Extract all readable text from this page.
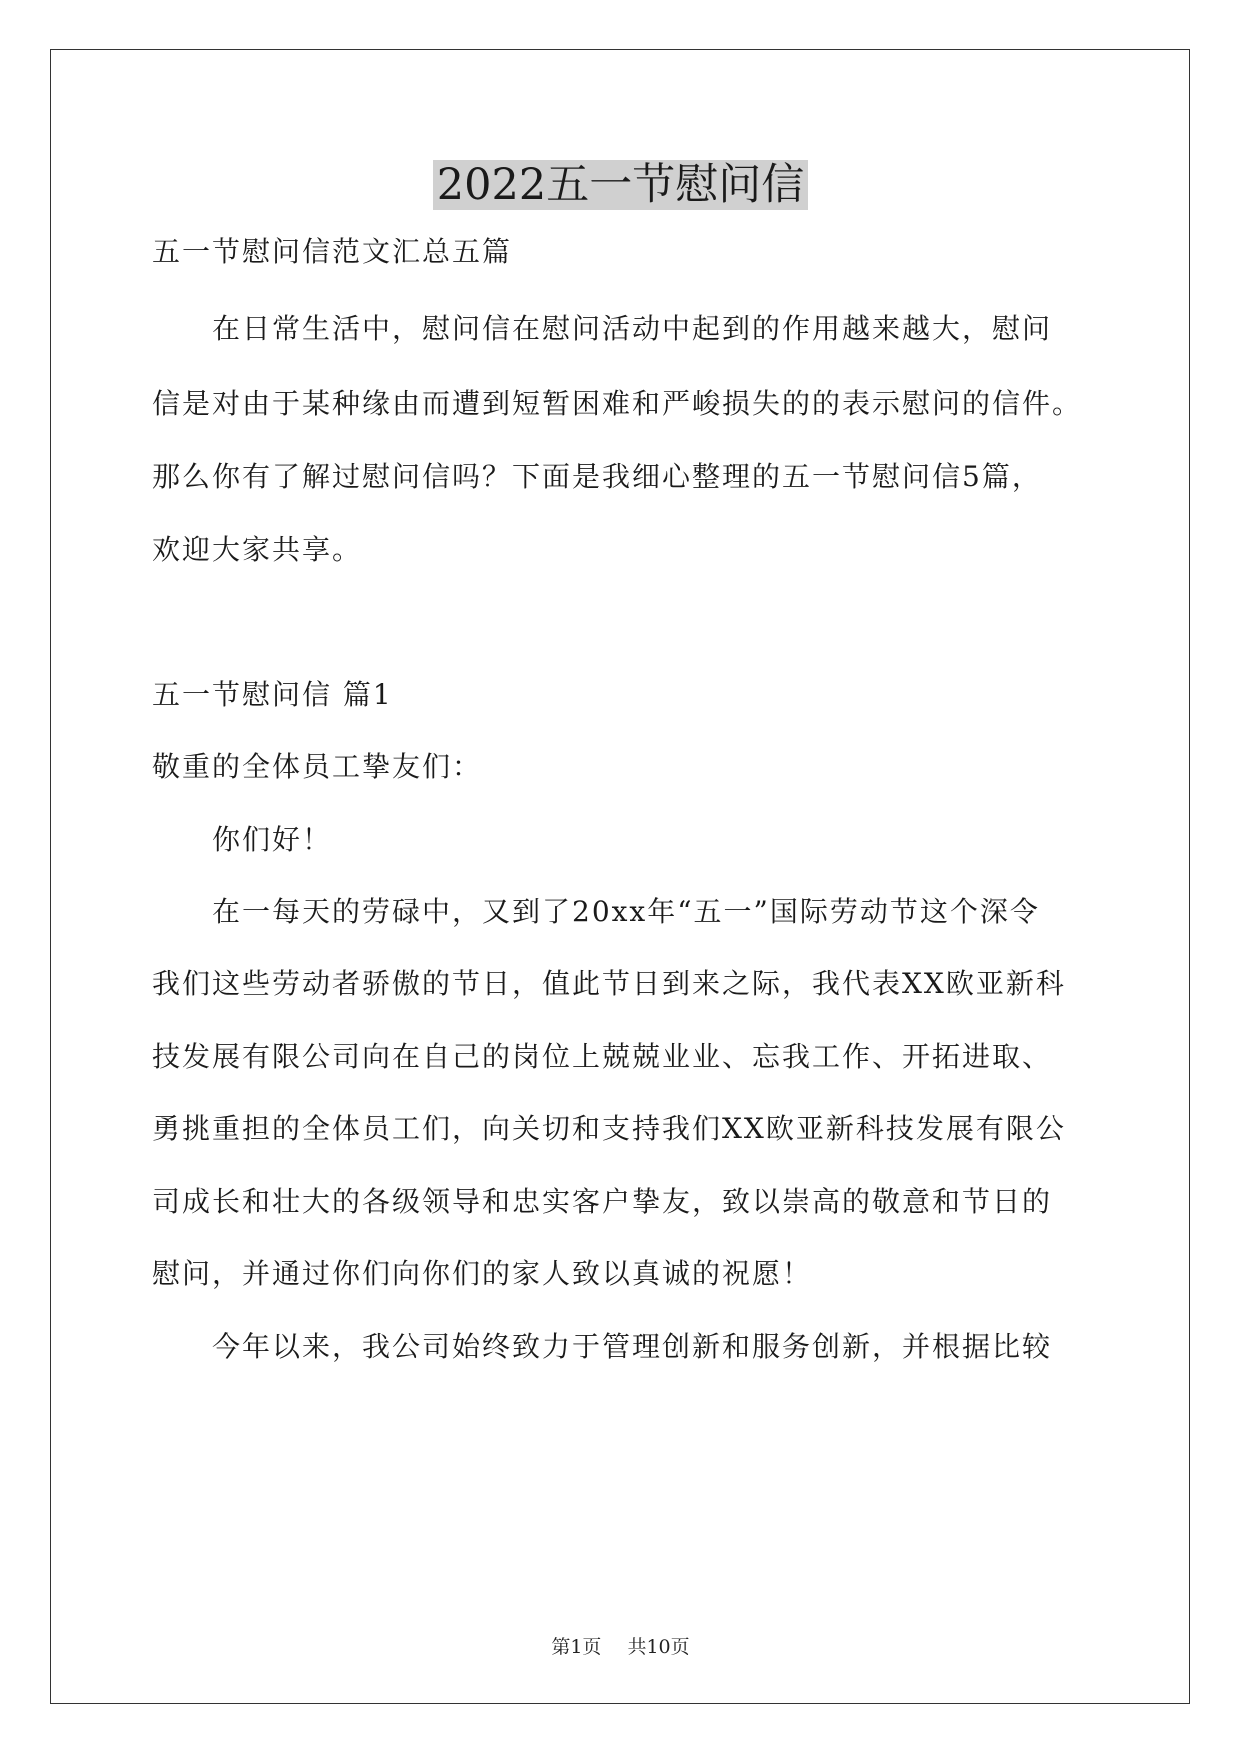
2022五一节慰问信
五一节慰问信范文汇总五篇
在日常生活中，慰问信在慰问活动中起到的作用越来越大，慰问
信是对由于某种缘由而遭到短暂困难和严峻损失的的表示慰问的信件。
那么你有了解过慰问信吗？下面是我细心整理的五一节慰问信5篇，
欢迎大家共享。
五一节慰问信 篇1
敬重的全体员工挚友们：
你们好！
在一每天的劳碌中，又到了20xx年“五一”国际劳动节这个深令
我们这些劳动者骄傲的节日，值此节日到来之际，我代表XX欧亚新科
技发展有限公司向在自己的岗位上兢兢业业、忘我工作、开拓进取、
勇挑重担的全体员工们，向关切和支持我们XX欧亚新科技发展有限公
司成长和壮大的各级领导和忠实客户挚友，致以崇高的敬意和节日的
慰问，并通过你们向你们的家人致以真诚的祝愿！
今年以来，我公司始终致力于管理创新和服务创新，并根据比较
第1页 共10页
